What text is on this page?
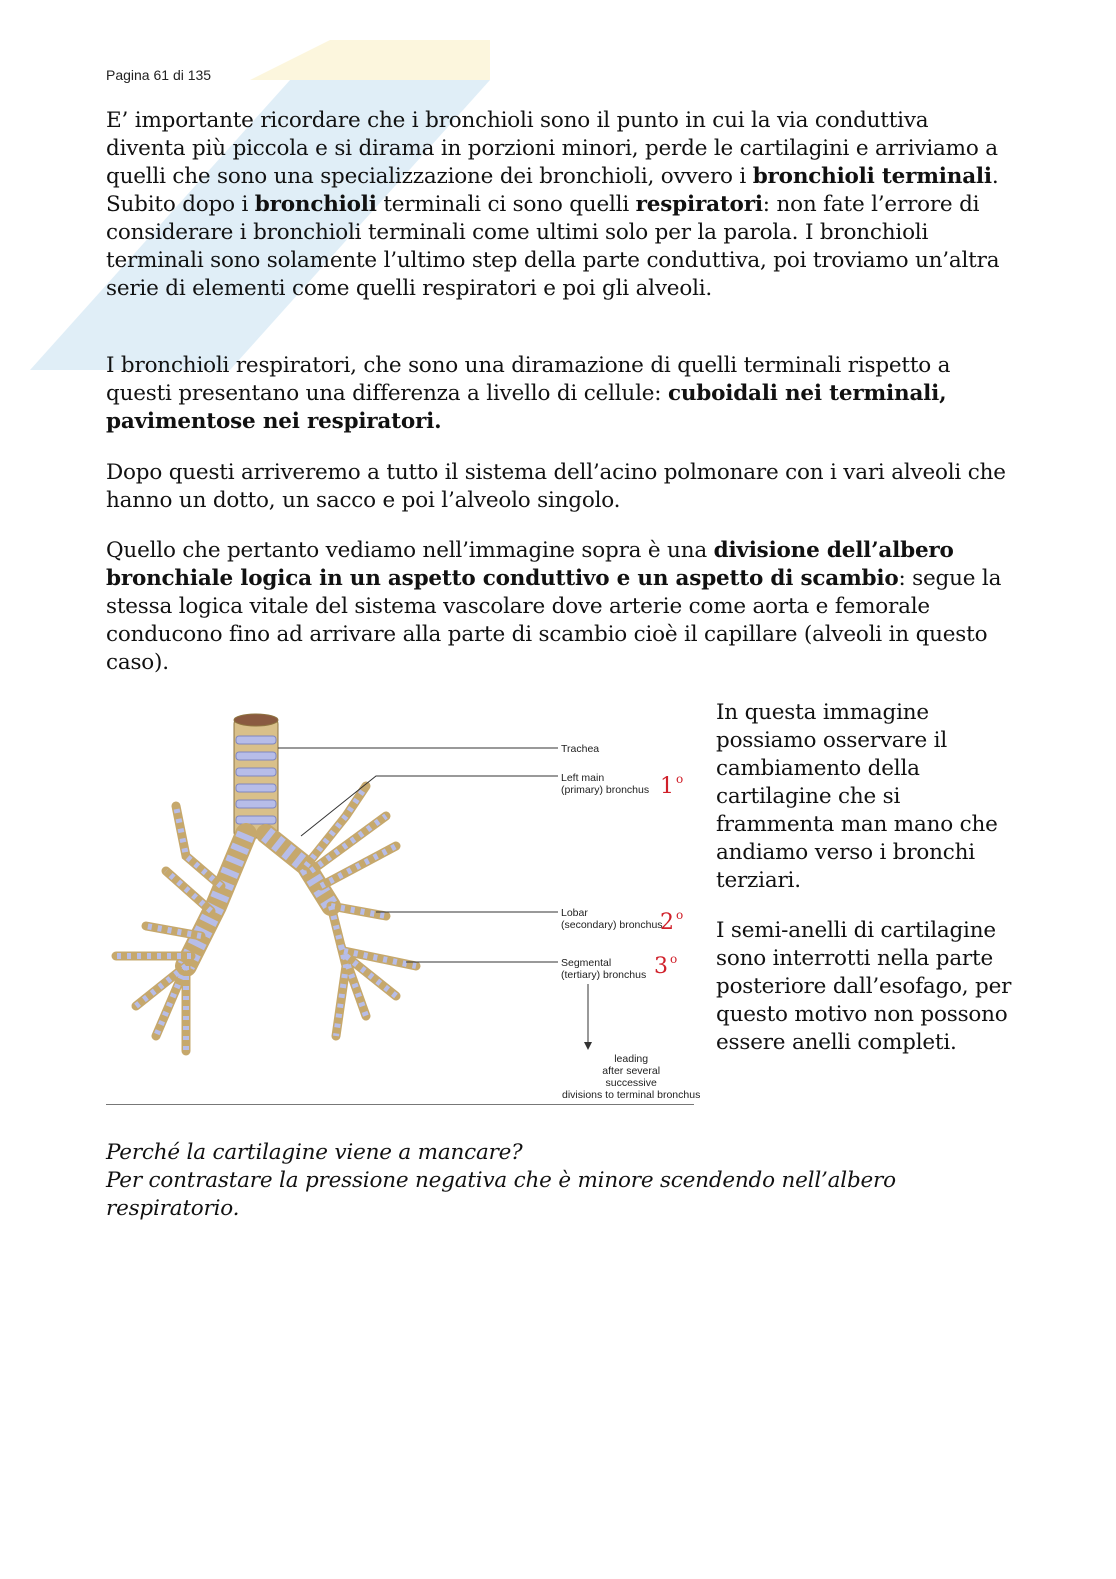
Pagina 61 di 135

E’ importante ricordare che i bronchioli sono il punto in cui la via conduttiva diventa più piccola e si dirama in porzioni minori, perde le cartilagini e arriviamo a quelli che sono una specializzazione dei bronchioli, ovvero i bronchioli terminali.

Subito dopo i bronchioli terminali ci sono quelli respiratori: non fate l’errore di considerare i bronchioli terminali come ultimi solo per la parola. I bronchioli terminali sono solamente l’ultimo step della parte conduttiva, poi troviamo un’altra serie di elementi come quelli respiratori e poi gli alveoli.

I bronchioli respiratori, che sono una diramazione di quelli terminali rispetto a questi presentano una differenza a livello di cellule: cuboidali nei terminali, pavimentose nei respiratori.

Dopo questi arriveremo a tutto il sistema dell’acino polmonare con i vari alveoli che hanno un dotto, un sacco e poi l’alveolo singolo.

Quello che pertanto vediamo nell’immagine sopra è una divisione dell’albero bronchiale logica in un aspetto conduttivo e un aspetto di scambio: segue la stessa logica vitale del sistema vascolare dove arterie come aorta e femorale conducono fino ad arrivare alla parte di scambio cioè il capillare (alveoli in questo caso).

Trachea
Left main
(primary) bronchus
Lobar
(secondary) bronchus
Segmental
(tertiary) bronchus
leading
after several
successive
divisions to terminal bronchus
1 $^o$
2 $^o$
3 $^o$

In questa immagine possiamo osservare il cambiamento della cartilagine che si frammenta man mano che andiamo verso i bronchi terziari.

I semi-anelli di cartilagine sono interrotti nella parte posteriore dall’esofago, per questo motivo non possono essere anelli completi.

Perché la cartilagine viene a mancare?

Per contrastare la pressione negativa che è minore scendendo nell’albero respiratorio.
